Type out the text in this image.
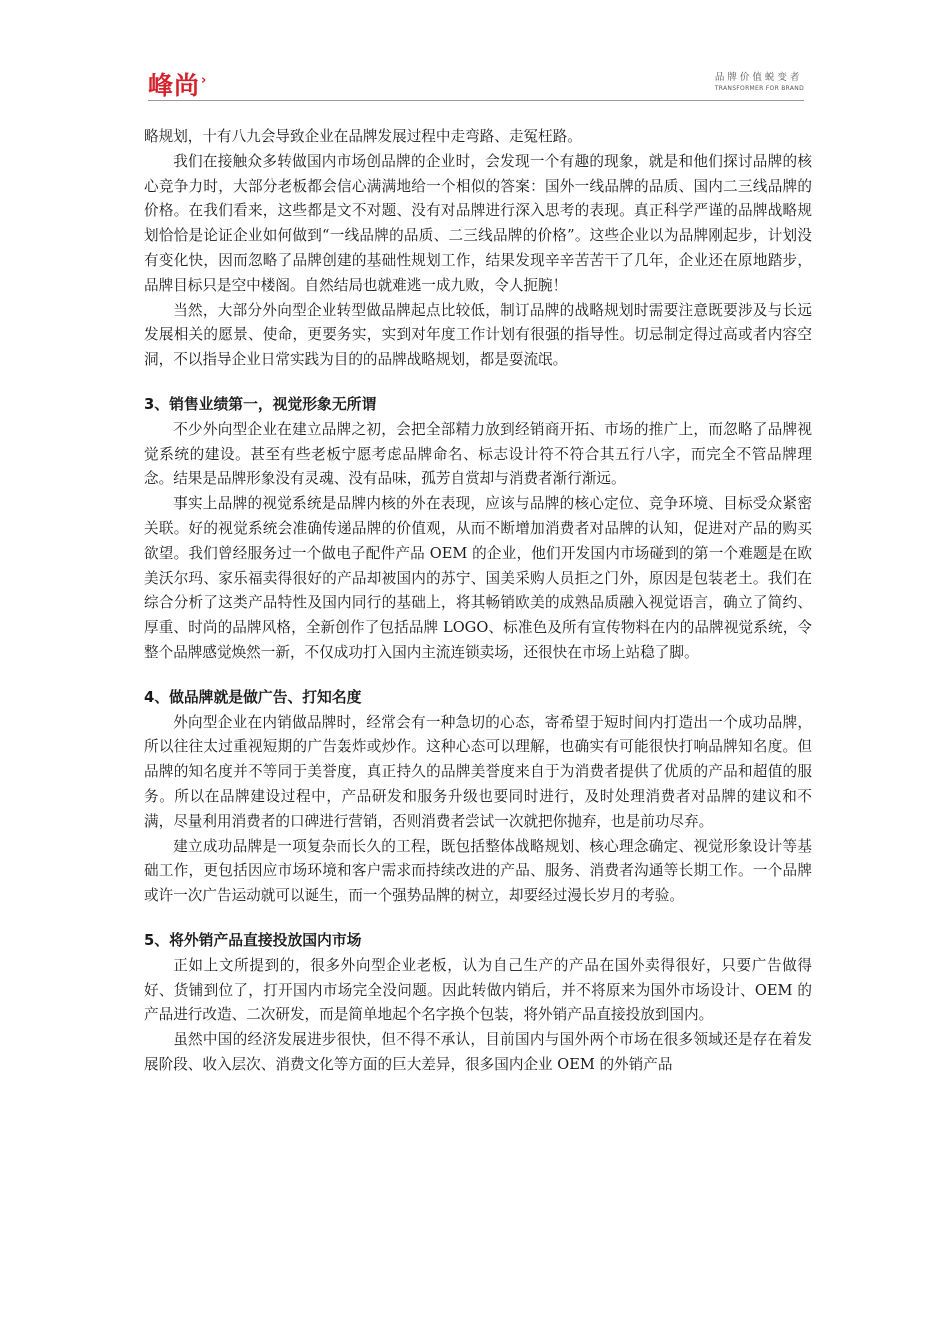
峰尚›	品牌价值蜕变者
TRANSFORMER FOR BRAND

略规划，十有八九会导致企业在品牌发展过程中走弯路、走冤枉路。

我们在接触众多转做国内市场创品牌的企业时，会发现一个有趣的现象，就是和他们探讨品牌的核心竞争力时，大部分老板都会信心满满地给一个相似的答案：国外一线品牌的品质、国内二三线品牌的价格。在我们看来，这些都是文不对题、没有对品牌进行深入思考的表现。真正科学严谨的品牌战略规划恰恰是论证企业如何做到“一线品牌的品质、二三线品牌的价格”。这些企业以为品牌刚起步，计划没有变化快，因而忽略了品牌创建的基础性规划工作，结果发现辛辛苦苦干了几年，企业还在原地踏步，品牌目标只是空中楼阁。自然结局也就难逃一成九败，令人扼腕！

当然，大部分外向型企业转型做品牌起点比较低，制订品牌的战略规划时需要注意既要涉及与长远发展相关的愿景、使命，更要务实，实到对年度工作计划有很强的指导性。切忌制定得过高或者内容空洞，不以指导企业日常实践为目的的品牌战略规划，都是耍流氓。

3、销售业绩第一，视觉形象无所谓

不少外向型企业在建立品牌之初，会把全部精力放到经销商开拓、市场的推广上，而忽略了品牌视觉系统的建设。甚至有些老板宁愿考虑品牌命名、标志设计符不符合其五行八字，而完全不管品牌理念。结果是品牌形象没有灵魂、没有品味，孤芳自赏却与消费者渐行渐远。

事实上品牌的视觉系统是品牌内核的外在表现，应该与品牌的核心定位、竞争环境、目标受众紧密关联。好的视觉系统会准确传递品牌的价值观，从而不断增加消费者对品牌的认知，促进对产品的购买欲望。我们曾经服务过一个做电子配件产品 OEM 的企业，他们开发国内市场碰到的第一个难题是在欧美沃尔玛、家乐福卖得很好的产品却被国内的苏宁、国美采购人员拒之门外，原因是包装老土。我们在综合分析了这类产品特性及国内同行的基础上，将其畅销欧美的成熟品质融入视觉语言，确立了简约、厚重、时尚的品牌风格，全新创作了包括品牌 LOGO、标准色及所有宣传物料在内的品牌视觉系统，令整个品牌感觉焕然一新，不仅成功打入国内主流连锁卖场，还很快在市场上站稳了脚。

4、做品牌就是做广告、打知名度

外向型企业在内销做品牌时，经常会有一种急切的心态，寄希望于短时间内打造出一个成功品牌，所以往往太过重视短期的广告轰炸或炒作。这种心态可以理解，也确实有可能很快打响品牌知名度。但品牌的知名度并不等同于美誉度，真正持久的品牌美誉度来自于为消费者提供了优质的产品和超值的服务。所以在品牌建设过程中，产品研发和服务升级也要同时进行，及时处理消费者对品牌的建议和不满，尽量利用消费者的口碑进行营销，否则消费者尝试一次就把你抛弃，也是前功尽弃。

建立成功品牌是一项复杂而长久的工程，既包括整体战略规划、核心理念确定、视觉形象设计等基础工作，更包括因应市场环境和客户需求而持续改进的产品、服务、消费者沟通等长期工作。一个品牌或许一次广告运动就可以诞生，而一个强势品牌的树立，却要经过漫长岁月的考验。

5、将外销产品直接投放国内市场

正如上文所提到的，很多外向型企业老板，认为自己生产的产品在国外卖得很好，只要广告做得好、货铺到位了，打开国内市场完全没问题。因此转做内销后，并不将原来为国外市场设计、OEM 的产品进行改造、二次研发，而是简单地起个名字换个包装，将外销产品直接投放到国内。

虽然中国的经济发展进步很快，但不得不承认，目前国内与国外两个市场在很多领域还是存在着发展阶段、收入层次、消费文化等方面的巨大差异，很多国内企业 OEM 的外销产品
